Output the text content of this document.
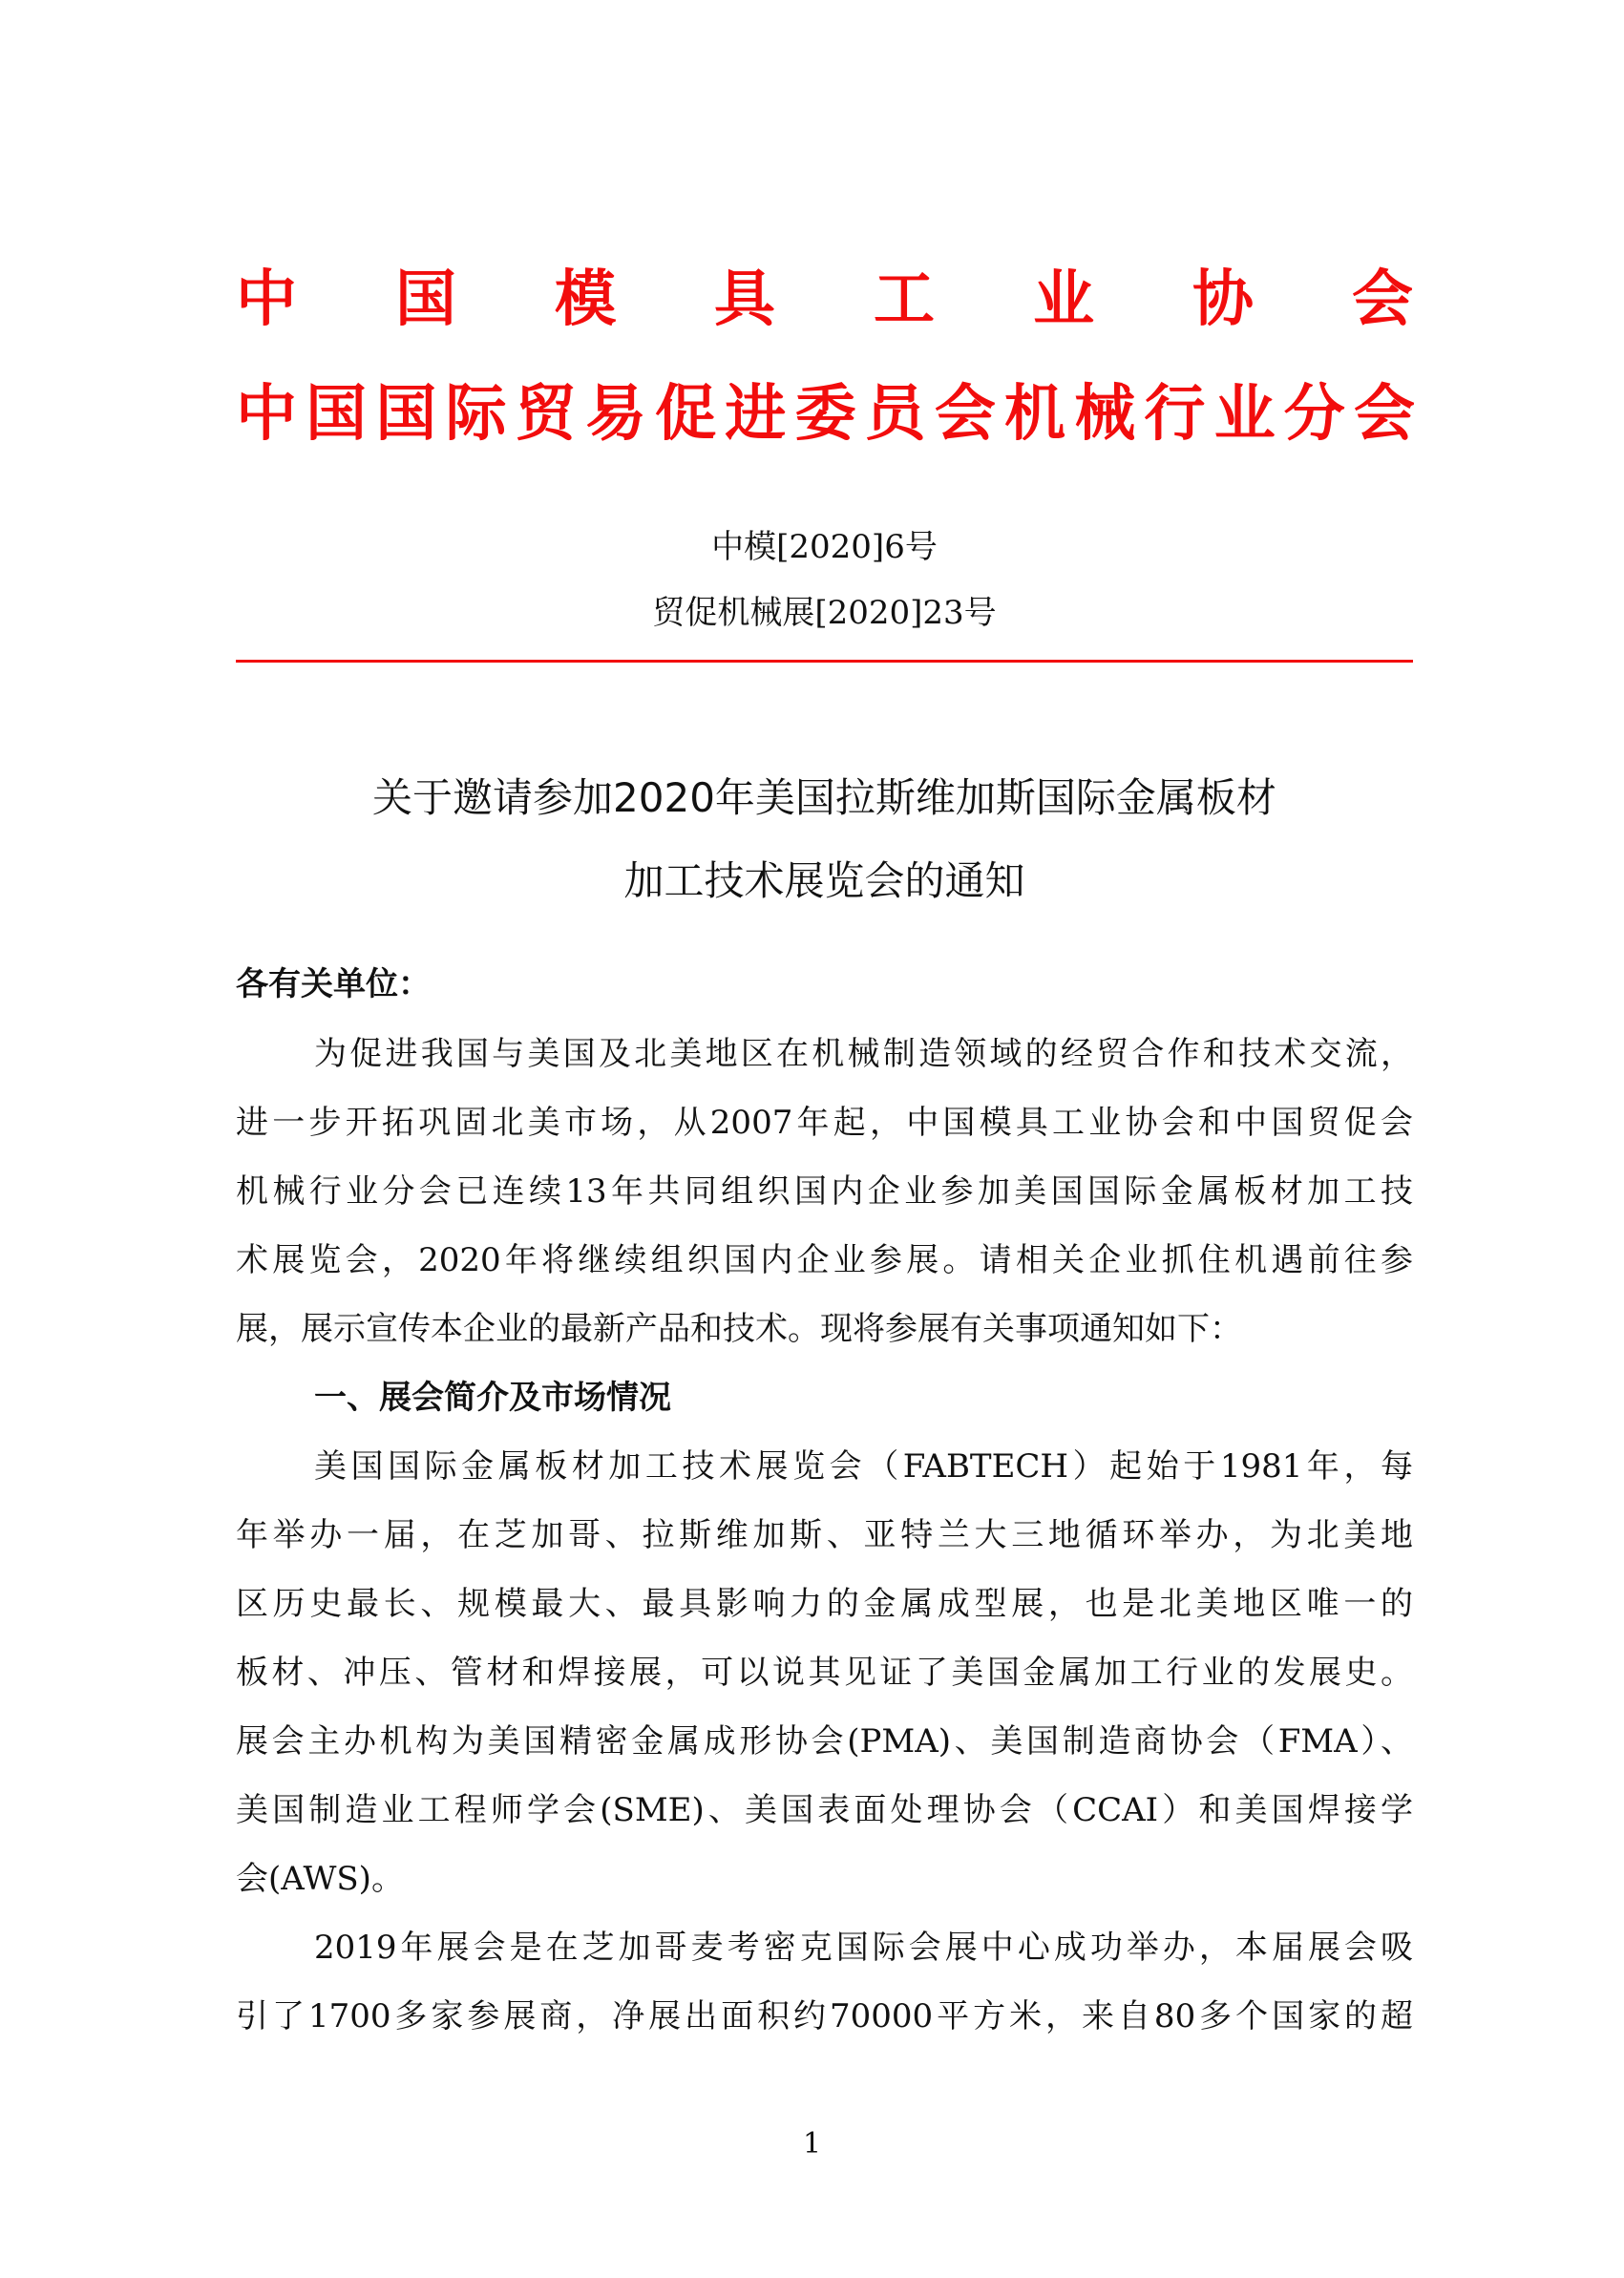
中 国 模 具 工 业 协 会
中国国际贸易促进委员会机械行业分会
中模[2020]6号
贸促机械展[2020]23号
关于邀请参加2020年美国拉斯维加斯国际金属板材
加工技术展览会的通知
各有关单位：
为促进我国与美国及北美地区在机械制造领域的经贸合作和技术交流，
进一步开拓巩固北美市场，从2007年起，中国模具工业协会和中国贸促会
机械行业分会已连续13年共同组织国内企业参加美国国际金属板材加工技
术展览会，2020年将继续组织国内企业参展。请相关企业抓住机遇前往参
展，展示宣传本企业的最新产品和技术。现将参展有关事项通知如下：
一、展会简介及市场情况
美国国际金属板材加工技术展览会（FABTECH）起始于1981年，每
年举办一届，在芝加哥、拉斯维加斯、亚特兰大三地循环举办，为北美地
区历史最长、规模最大、最具影响力的金属成型展，也是北美地区唯一的
板材、冲压、管材和焊接展，可以说其见证了美国金属加工行业的发展史。
展会主办机构为美国精密金属成形协会(PMA)、美国制造商协会（FMA）、
美国制造业工程师学会(SME)、美国表面处理协会（CCAI）和美国焊接学
会(AWS)。
2019年展会是在芝加哥麦考密克国际会展中心成功举办，本届展会吸
引了1700多家参展商，净展出面积约70000平方米，来自80多个国家的超
1
